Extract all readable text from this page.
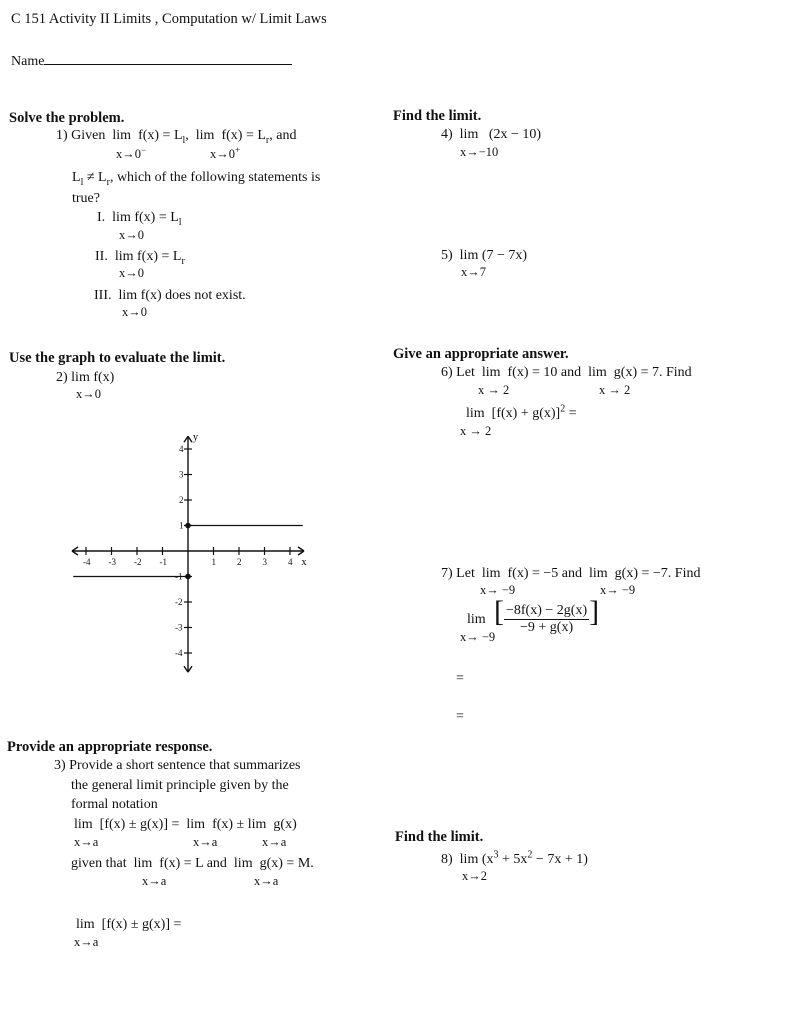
C 151 Activity II Limits , Computation w/ Limit Laws
Name
Solve the problem.
1) Given $\lim f(x) = L_l$, $\lim f(x) = L_r$, and
x→0−	x→0+
$L_l \ne L_r$, which of the following statements is
true?
I. $\lim f(x) = L_l$
x→0
II. $\lim f(x) = L_r$
x→0
III. lim f(x) does not exist.
x→0
Use the graph to evaluate the limit.
2) lim f(x)
x→0
-4 -3 -2 -1	1 2 3 4
4
3
2
1
-1
-2
-3
-4
x
y
Provide an appropriate response.
3) Provide a short sentence that summarizes
the general limit principle given by the
formal notation
lim [f(x) ± g(x)] = lim f(x) ± lim g(x)
x→a	x→a	x→a
given that lim f(x) = L and lim g(x) = M.
x→a	x→a
lim [f(x) ± g(x)] =
x→a
Find the limit.
4) lim (2x − 10)
x→−10
5) lim (7 − 7x)
x→7
Give an appropriate answer.
6) Let lim f(x) = 10 and lim g(x) = 7. Find
x → 2	x → 2
$\lim [f(x) + g(x)]^2$ =
x → 2
7) Let lim f(x) = −5 and lim g(x) = −7. Find
x→ −9	x→ −9
lim
x→ −9
[ $\frac{-8f(x) - 2g(x)}{-9 + g(x)}$ ]
=
=
Find the limit.
8) $\lim (x^3 + 5x^2 - 7x + 1)$
x→2
